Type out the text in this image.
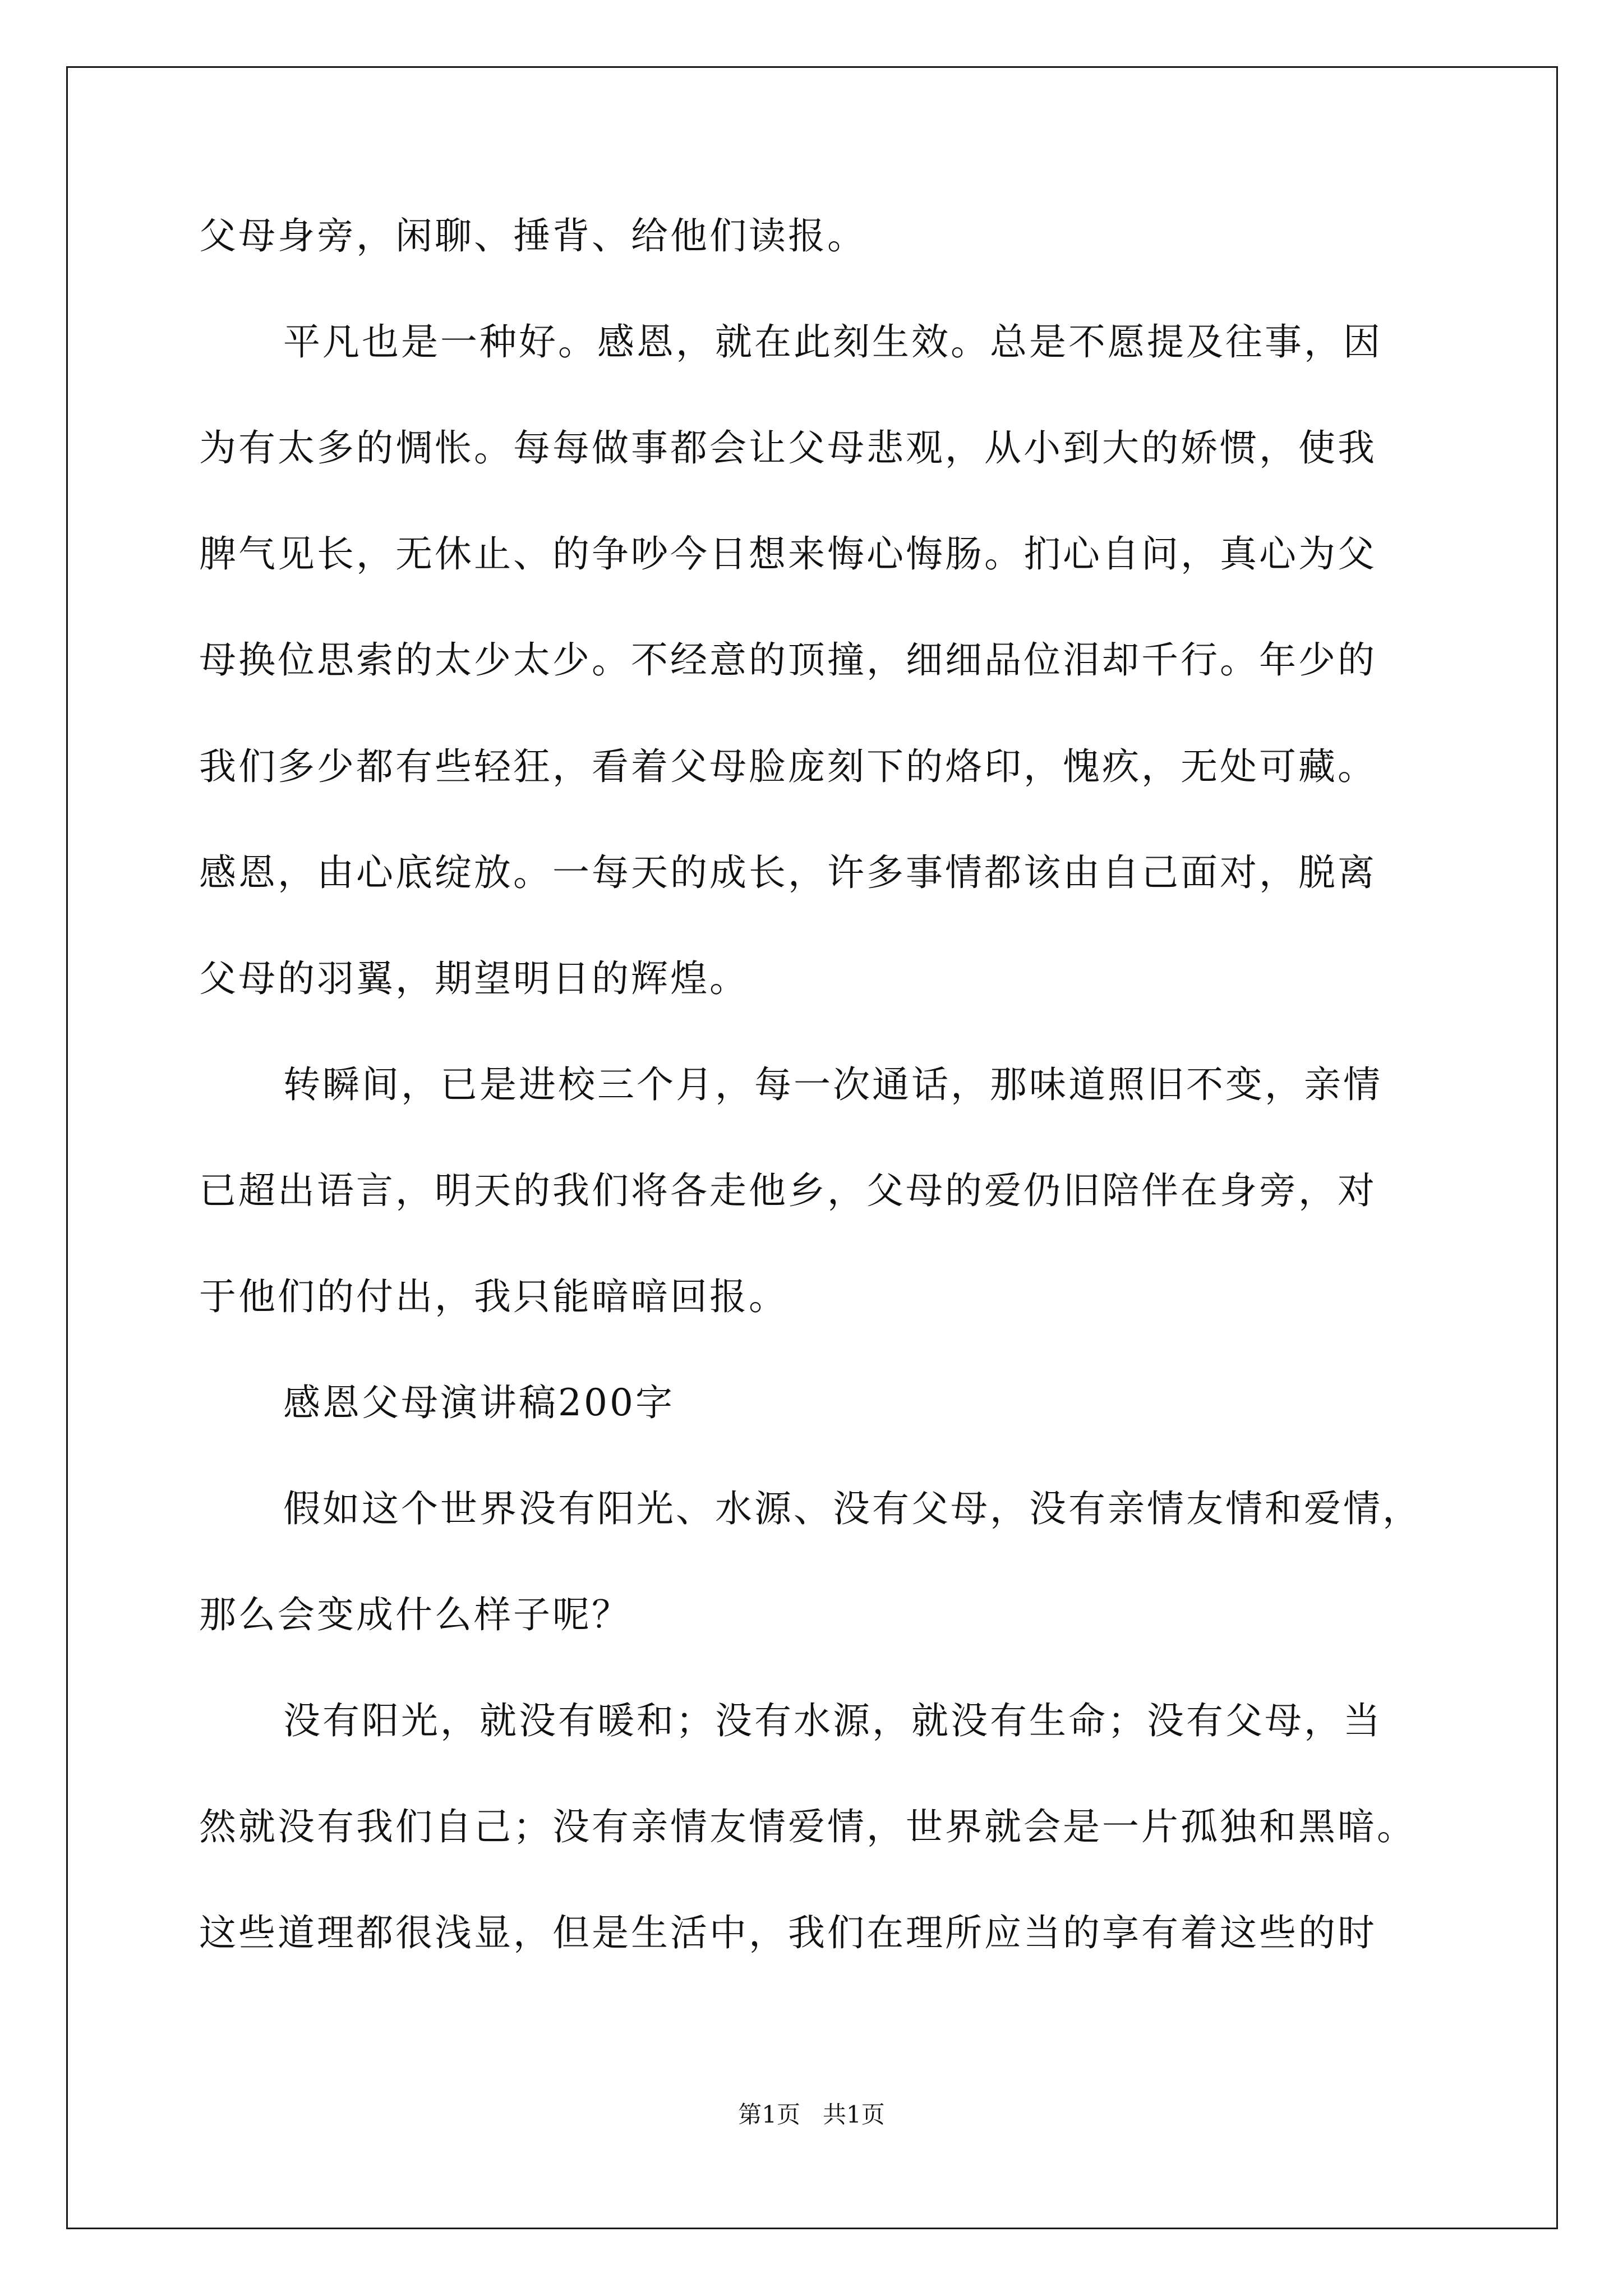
父母身旁，闲聊、捶背、给他们读报。

平凡也是一种好。感恩，就在此刻生效。总是不愿提及往事，因

为有太多的惆怅。每每做事都会让父母悲观，从小到大的娇惯，使我

脾气见长，无休止、的争吵今日想来悔心悔肠。扪心自问，真心为父

母换位思索的太少太少。不经意的顶撞，细细品位泪却千行。年少的

我们多少都有些轻狂，看着父母脸庞刻下的烙印，愧疚，无处可藏。

感恩，由心底绽放。一每天的成长，许多事情都该由自己面对，脱离

父母的羽翼，期望明日的辉煌。

转瞬间，已是进校三个月，每一次通话，那味道照旧不变，亲情

已超出语言，明天的我们将各走他乡，父母的爱仍旧陪伴在身旁，对

于他们的付出，我只能暗暗回报。

感恩父母演讲稿200字

假如这个世界没有阳光、水源、没有父母，没有亲情友情和爱情，

那么会变成什么样子呢？

没有阳光，就没有暖和；没有水源，就没有生命；没有父母，当

然就没有我们自己；没有亲情友情爱情，世界就会是一片孤独和黑暗。

这些道理都很浅显，但是生活中，我们在理所应当的享有着这些的时

第1页   共1页
